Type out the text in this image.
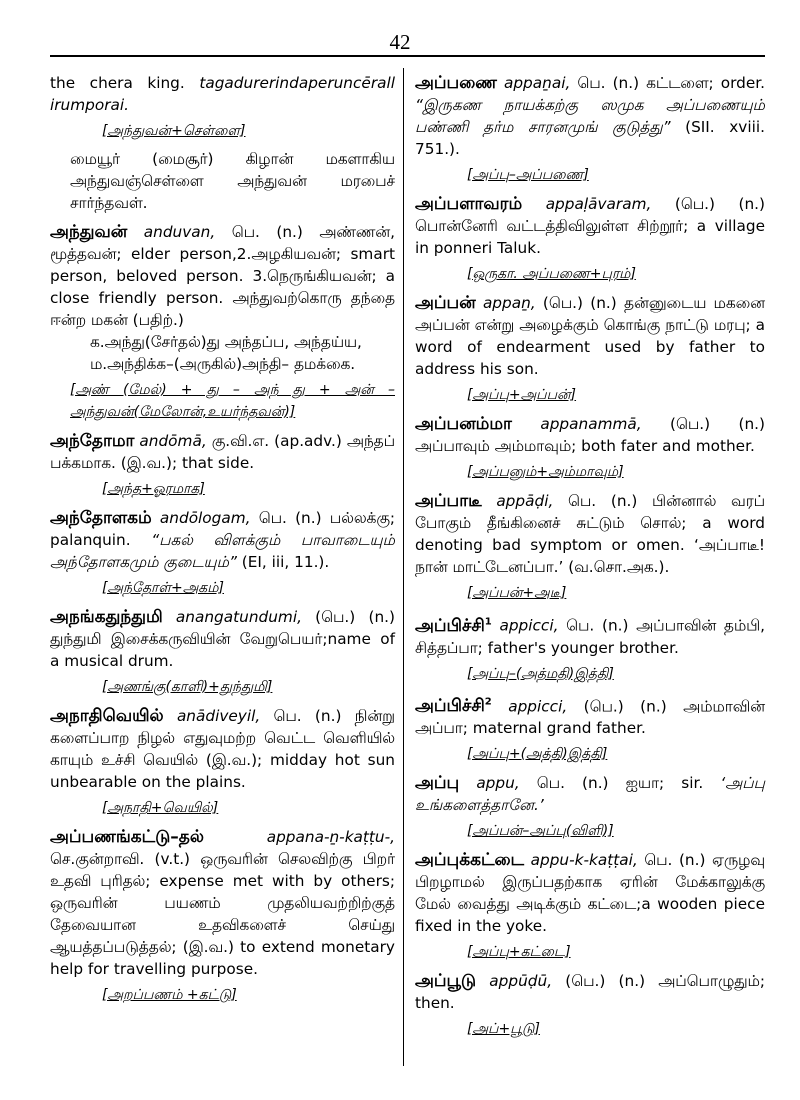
42

the chera king. tagadurerindaperuncērall irumporai.

[அந்துவன்+செள்ளை]

மையூர் (மைசூர்) கிழான் மகளாகிய அந்துவஞ்செள்ளை அந்துவன் மரபைச் சார்ந்தவள்.

அந்துவன் anduvan, பெ. (n.) அண்ணன், மூத்தவன்; elder person,2.அழகியவன்; smart person, beloved person. 3.நெருங்கியவன்; a close friendly person. அந்துவற்கொரு தந்தை ஈன்ற மகன் (பதிற்.)

க.அந்து(சேர்தல்)து அந்தப்ப, அந்தய்ய,

ம.அந்திக்க–(அருகில்)அந்தி– தமக்கை.

[அண் (மேல்) + து – அந் து + அன் – அந்துவன்(மேலோன்,உயர்ந்தவன்)]

அந்தோமா andōmā, கு.வி.எ. (ap.adv.) அந்தப் பக்கமாக. (இ.வ.); that side.

[அந்த+ஓரமாக]

அந்தோளகம் andōlogam, பெ. (n.) பல்லக்கு; palanquin. “பகல் விளக்கும் பாவாடையும் அந்தோளகமும் குடையும்” (EI, iii, 11.).

[அந்தோள்+அகம்]

அநங்கதுந்துமி anangatundumi, (பெ.) (n.) துந்துமி இசைக்கருவியின் வேறுபெயர்;name of a musical drum.

[அணங்கு(காளி)+துந்துமி]

அநாதிவெயில் anādiveyil, பெ. (n.) நின்று களைப்பாற நிழல் எதுவுமற்ற வெட்ட வெளியில் காயும் உச்சி வெயில் (இ.வ.); midday hot sun unbearable on the plains.

[அநாதி+வெயில்]

அப்பணங்கட்டு–தல்	appana-ṉ-kaṭṭu-, செ.குன்றாவி. (v.t.) ஒருவரின் செலவிற்கு பிறர் உதவி புரிதல்; expense met with by others; ஒருவரின் பயணம் முதலியவற்றிற்குத் தேவையான உதவிகளைச் செய்து ஆயத்தப்படுத்தல்; (இ.வ.) to extend monetary help for travelling purpose.

[அறப்பணம் +கட்டு]

அப்பணை appaṉai, பெ. (n.) கட்டளை; order. “இருகண நாயக்கற்கு ஸமுக அப்பணையும் பண்ணி தர்ம சாரனமுங் குடுத்து” (SII. xviii. 751.).

[அப்பு–அப்பணை]

அப்பளாவரம் appaḷāvaram, (பெ.) (n.) பொன்னேரி வட்டத்திவிலுள்ள சிற்றூர்; a village in ponneri Taluk.

[ஒருகா. அப்பணை+புரம்]

அப்பன் appaṉ, (பெ.) (n.) தன்னுடைய மகனை அப்பன் என்று அழைக்கும் கொங்கு நாட்டு மரபு; a word of endearment used by father to address his son.

[அப்பு+அப்பன்]

அப்பனம்மா appanammā, (பெ.) (n.) அப்பாவும் அம்மாவும்; both fater and mother.

[அப்பனும்+அம்மாவும்]

அப்பாடீ appāḍi, பெ. (n.) பின்னால் வரப் போகும் தீங்கினைச் சுட்டும் சொல்; a word denoting bad symptom or omen. ‘அப்பாடீ! நான் மாட்டேனப்பா.’ (வ.சொ.அக.).

[அப்பன்+அடீ]

அப்பிச்சி$^1$ appicci, பெ. (n.) அப்பாவின் தம்பி, சித்தப்பா; father's younger brother.

[அப்பு–(அத்மதி)இத்தி]

அப்பிச்சி$^2$ appicci, (பெ.) (n.) அம்மாவின் அப்பா; maternal grand father.

[அப்பு+(அத்தி)இத்தி]

அப்பு appu, பெ. (n.) ஐயா; sir. ‘அப்பு உங்களைத்தானே.’

[அப்பன்–அப்பு(விளி)]

அப்புக்கட்டை appu-k-kaṭṭai, பெ. (n.) ஏருழவு பிறழாமல் இருப்பதற்காக ஏரின் மேக்காலுக்கு மேல் வைத்து அடிக்கும் கட்டை;a wooden piece fixed in the yoke.

[அப்பு+கட்டை]

அப்பூடு appūḍū, (பெ.) (n.) அப்பொழுதும்; then.

[அப்+பூடு]
